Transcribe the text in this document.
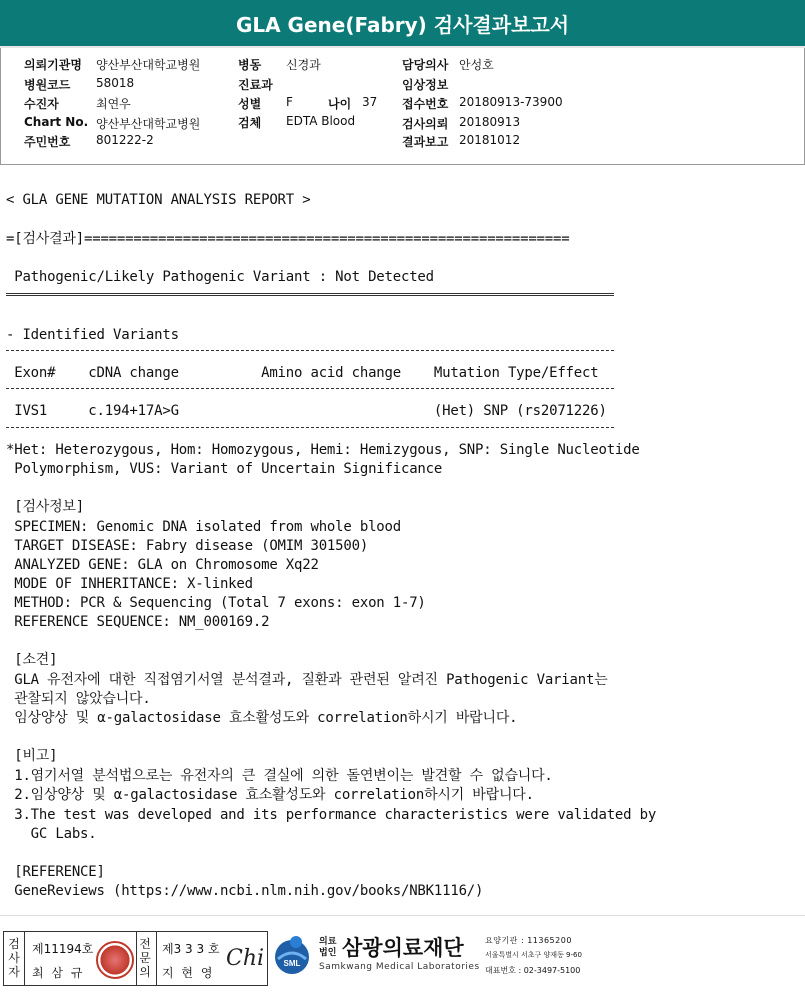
GLA Gene(Fabry) 검사결과보고서
의뢰기관명 양산부산대학교병원
병원코드 58018
수진자	최연우
Chart No. 양산부산대학교병원
주민번호 801222-2
병동 신경과
진료과
성별 F	나이 37
검체 EDTA Blood
담당의사 안성호
임상정보
접수번호 20180913-73900
검사의뢰 20180913
결과보고 20181012
< GLA GENE MUTATION ANALYSIS REPORT >
=[검사결과]===========================================================
Pathogenic/Likely Pathogenic Variant : Not Detected
- Identified Variants
Exon#    cDNA change          Amino acid change    Mutation Type/Effect
IVS1     c.194+17A>G                               (Het) SNP (rs2071226)
*Het: Heterozygous, Hom: Homozygous, Hemi: Hemizygous, SNP: Single Nucleotide
Polymorphism, VUS: Variant of Uncertain Significance
[검사정보]
SPECIMEN: Genomic DNA isolated from whole blood
TARGET DISEASE: Fabry disease (OMIM 301500)
ANALYZED GENE: GLA on Chromosome Xq22
MODE OF INHERITANCE: X-linked
METHOD: PCR & Sequencing (Total 7 exons: exon 1-7)
REFERENCE SEQUENCE: NM_000169.2
[소견]
GLA 유전자에 대한 직접염기서열 분석결과, 질환과 관련된 알려진 Pathogenic Variant는
관찰되지 않았습니다.
임상양상 및 α-galactosidase 효소활성도와 correlation하시기 바랍니다.
[비고]
1.염기서열 분석법으로는 유전자의 큰 결실에 의한 돌연변이는 발견할 수 없습니다.
2.임상양상 및 α-galactosidase 효소활성도와 correlation하시기 바랍니다.
3.The test was developed and its performance characteristics were validated by
GC Labs.
[REFERENCE]
GeneReviews (https://www.ncbi.nlm.nih.gov/books/NBK1116/)
검사자
제11194호
최 삼 규
전문의
제3 3 3 호
지 현 영
Chi SML
의료
법인 삼광의료재단
Samkwang Medical Laboratories
요양기관 : 11365200
서울특별시 서초구 양재동 9-60
대표번호 : 02-3497-5100
